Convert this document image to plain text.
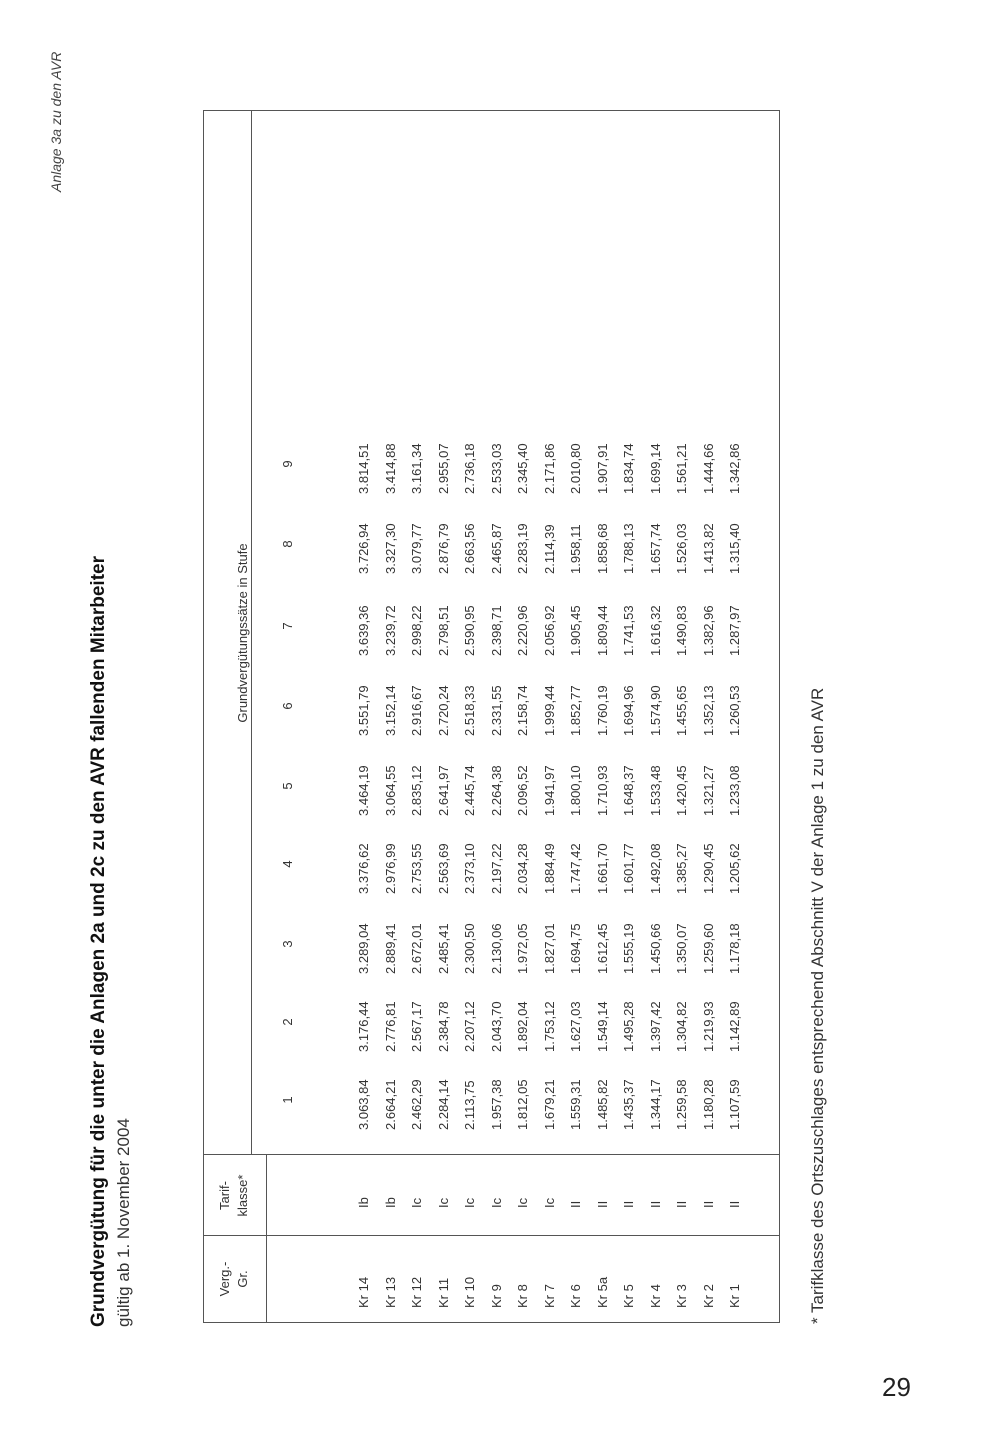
Anlage 3a zu den AVR
Grundvergütung für die unter die Anlagen 2a und 2c zu den AVR fallenden Mitarbeiter gültig ab 1. November 2004	Verg.- Gr.
Tarif- klasse*
Grundvergütungssätze in Stufe
Kr 14
Ib
3.063,84
3.176,44
3.289,04
3.376,62
3.464,19
3.551,79
3.639,36
3.726,94
3.814,51
Kr 13
Ib
2.664,21
2.776,81
2.889,41
2.976,99
3.064,55
3.152,14
3.239,72
3.327,30
3.414,88
Kr 12
Ic
2.462,29
2.567,17
2.672,01
2.753,55
2.835,12
2.916,67
2.998,22
3.079,77
3.161,34
Kr 11
Ic
2.284,14
2.384,78
2.485,41
2.563,69
2.641,97
2.720,24
2.798,51
2.876,79
2.955,07
Kr 10
Ic
2.113,75
2.207,12
2.300,50
2.373,10
2.445,74
2.518,33
2.590,95
2.663,56
2.736,18
Kr 9
Ic
1.957,38
2.043,70
2.130,06
2.197,22
2.264,38
2.331,55
2.398,71
2.465,87
2.533,03
Kr 8
Ic
1.812,05
1.892,04
1.972,05
2.034,28
2.096,52
2.158,74
2.220,96
2.283,19
2.345,40
Kr 7
Ic
1.679,21
1.753,12
1.827,01
1.884,49
1.941,97
1.999,44
2.056,92
2.114,39
2.171,86
Kr 6
II
1.559,31
1.627,03
1.694,75
1.747,42
1.800,10
1.852,77
1.905,45
1.958,11
2.010,80
Kr 5a
II
1.485,82
1.549,14
1.612,45
1.661,70
1.710,93
1.760,19
1.809,44
1.858,68
1.907,91
Kr 5
II
1.435,37
1.495,28
1.555,19
1.601,77
1.648,37
1.694,96
1.741,53
1.788,13
1.834,74
Kr 4
II
1.344,17
1.397,42
1.450,66
1.492,08
1.533,48
1.574,90
1.616,32
1.657,74
1.699,14
Kr 3
II
1.259,58
1.304,82
1.350,07
1.385,27
1.420,45
1.455,65
1.490,83
1.526,03
1.561,21
Kr 2
II
1.180,28
1.219,93
1.259,60
1.290,45
1.321,27
1.352,13
1.382,96
1.413,82
1.444,66
Kr 1
II
1.107,59
1.142,89
1.178,18
1.205,62
1.233,08
1.260,53
1.287,97
1.315,40
1.342,86
1
2
3
4
5
6
7
8
9
* Tarifklasse des Ortszuschlages entsprechend Abschnitt V der Anlage 1 zu den AVR
29
